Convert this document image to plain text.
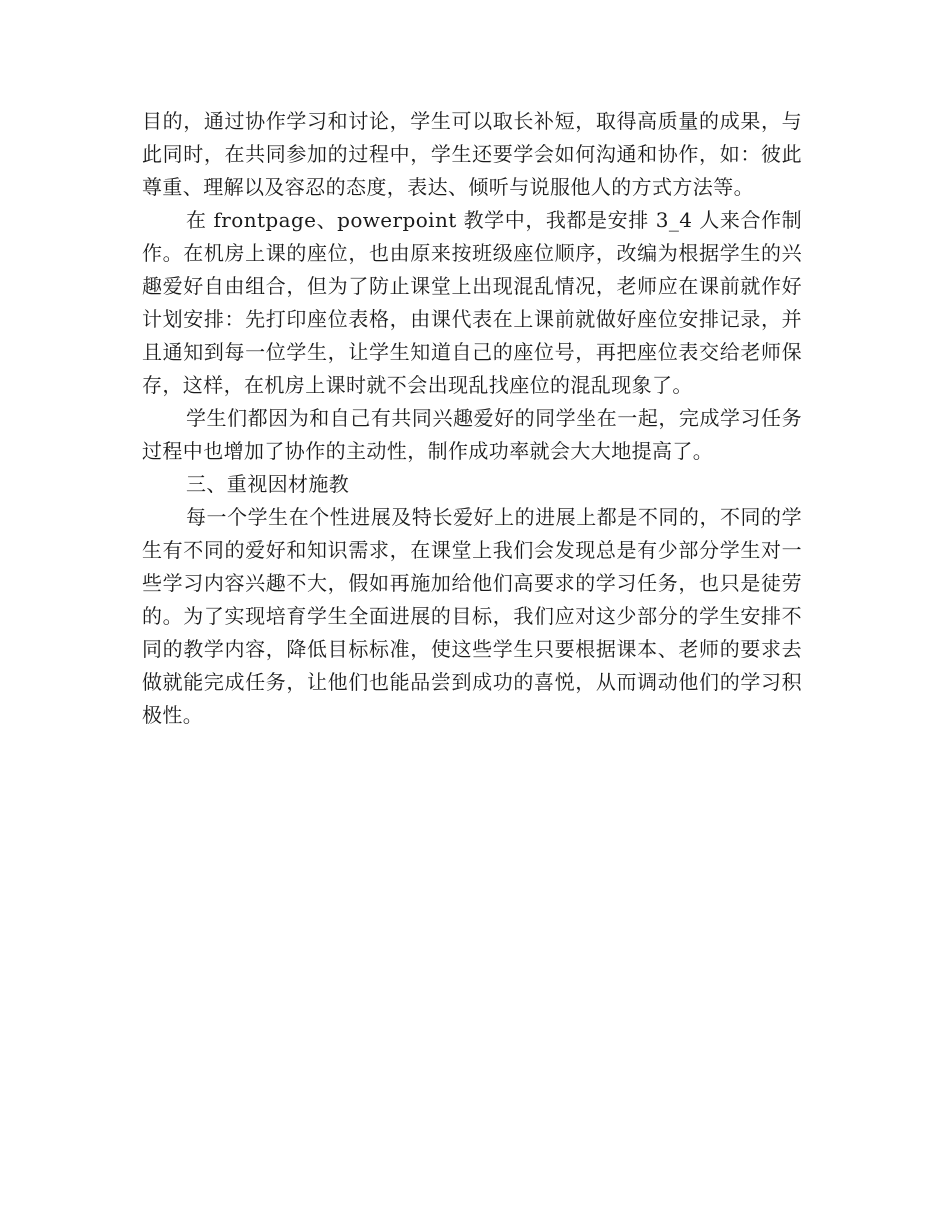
目的，通过协作学习和讨论，学生可以取长补短，取得高质量的成果，与此同时，在共同参加的过程中，学生还要学会如何沟通和协作，如：彼此尊重、理解以及容忍的态度，表达、倾听与说服他人的方式方法等。

在 frontpage、powerpoint 教学中，我都是安排 3_4 人来合作制作。在机房上课的座位，也由原来按班级座位顺序，改编为根据学生的兴趣爱好自由组合，但为了防止课堂上出现混乱情况，老师应在课前就作好计划安排：先打印座位表格，由课代表在上课前就做好座位安排记录，并且通知到每一位学生，让学生知道自己的座位号，再把座位表交给老师保存，这样，在机房上课时就不会出现乱找座位的混乱现象了。

学生们都因为和自己有共同兴趣爱好的同学坐在一起，完成学习任务过程中也增加了协作的主动性，制作成功率就会大大地提高了。

三、重视因材施教

每一个学生在个性进展及特长爱好上的进展上都是不同的，不同的学生有不同的爱好和知识需求，在课堂上我们会发现总是有少部分学生对一些学习内容兴趣不大，假如再施加给他们高要求的学习任务，也只是徒劳的。为了实现培育学生全面进展的目标，我们应对这少部分的学生安排不同的教学内容，降低目标标准，使这些学生只要根据课本、老师的要求去做就能完成任务，让他们也能品尝到成功的喜悦，从而调动他们的学习积极性。
